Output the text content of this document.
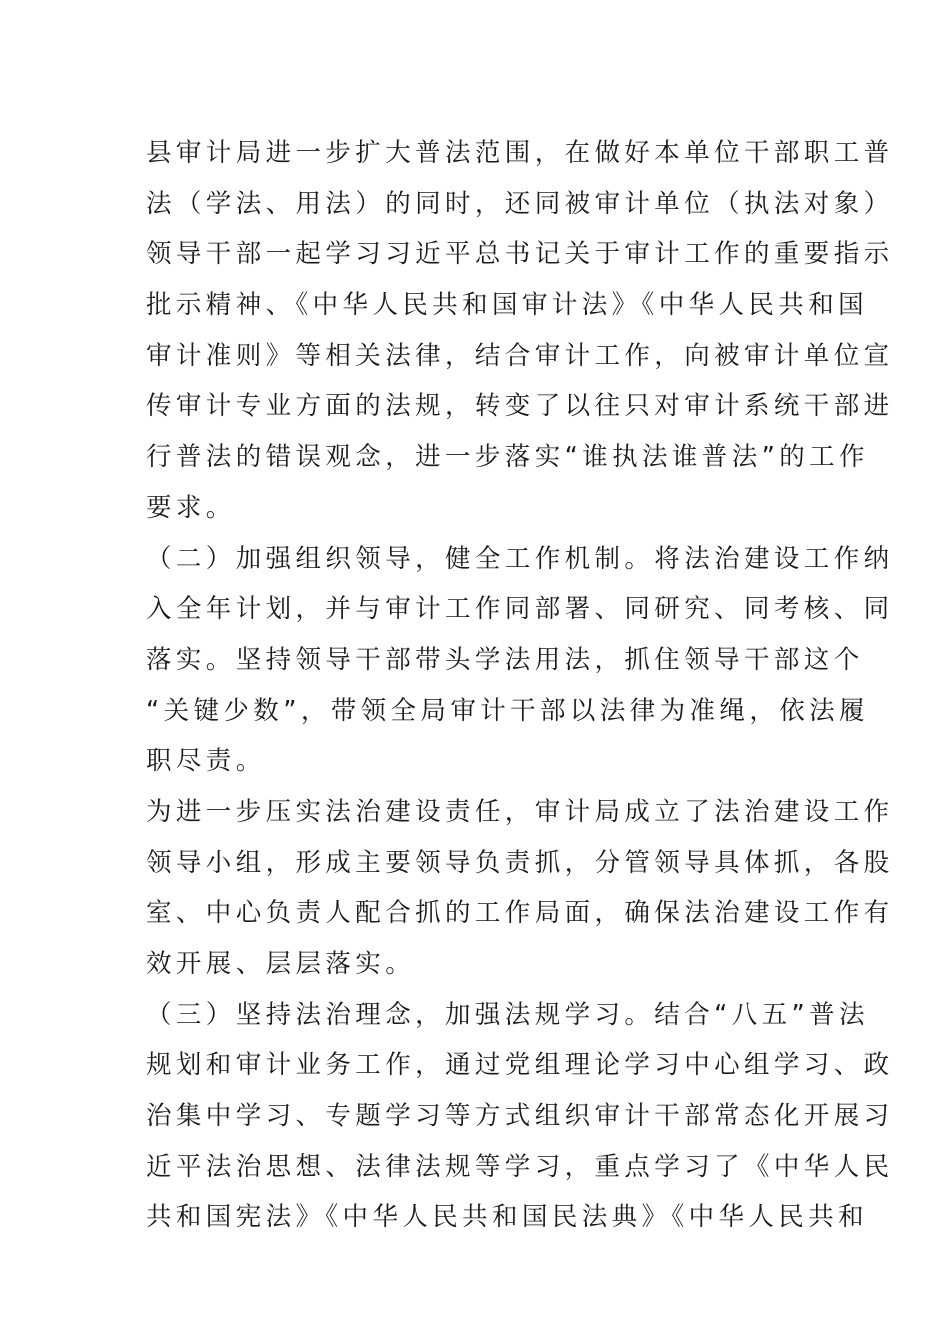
县审计局进一步扩大普法范围，在做好本单位干部职工普
法（学法、用法）的同时，还同被审计单位（执法对象）
领导干部一起学习习近平总书记关于审计工作的重要指示
批示精神、《中华人民共和国审计法》《中华人民共和国
审计准则》等相关法律，结合审计工作，向被审计单位宣
传审计专业方面的法规，转变了以往只对审计系统干部进
行普法的错误观念，进一步落实“谁执法谁普法”的工作
要求。
（二）加强组织领导，健全工作机制。将法治建设工作纳
入全年计划，并与审计工作同部署、同研究、同考核、同
落实。坚持领导干部带头学法用法，抓住领导干部这个
“关键少数”，带领全局审计干部以法律为准绳，依法履
职尽责。
为进一步压实法治建设责任，审计局成立了法治建设工作
领导小组，形成主要领导负责抓，分管领导具体抓，各股
室、中心负责人配合抓的工作局面，确保法治建设工作有
效开展、层层落实。
（三）坚持法治理念，加强法规学习。结合“八五”普法
规划和审计业务工作，通过党组理论学习中心组学习、政
治集中学习、专题学习等方式组织审计干部常态化开展习
近平法治思想、法律法规等学习，重点学习了《中华人民
共和国宪法》《中华人民共和国民法典》《中华人民共和
